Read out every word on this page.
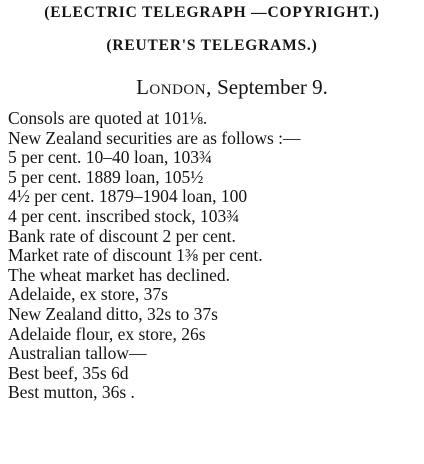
(ELECTRIC TELEGRAPH —COPYRIGHT.)
(REUTER'S TELEGRAMS.)
London, September 9.
Consols are quoted at 101⅛.
New Zealand securities are as follows :—
5 per cent. 10–40 loan, 103¾
5 per cent. 1889 loan, 105½
4½ per cent. 1879–1904 loan, 100
4 per cent. inscribed stock, 103¾
Bank rate of discount 2 per cent.
Market rate of discount 1⅜ per cent.
The wheat market has declined.
Adelaide, ex store, 37s
New Zealand ditto, 32s to 37s
Adelaide flour, ex store, 26s
Australian tallow—
Best beef, 35s 6d
Best mutton, 36s .
